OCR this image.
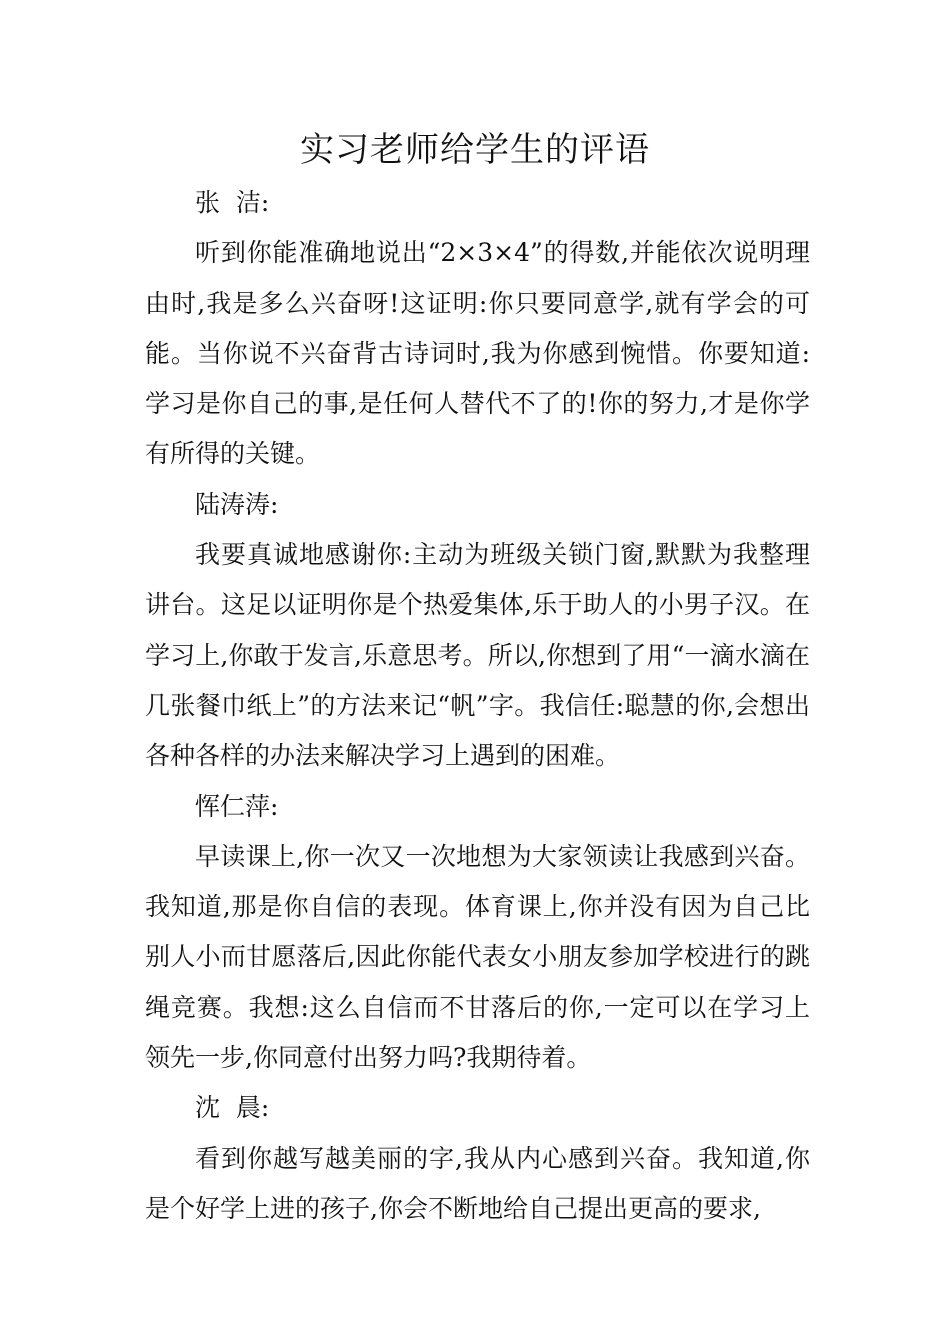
实习老师给学生的评语
张  洁:
听到你能准确地说出“2×3×4”的得数,并能依次说明理由时,我是多么兴奋呀!这证明:你只要同意学,就有学会的可能。当你说不兴奋背古诗词时,我为你感到惋惜。你要知道:学习是你自己的事,是任何人替代不了的!你的努力,才是你学有所得的关键。
陆涛涛:
我要真诚地感谢你:主动为班级关锁门窗,默默为我整理讲台。这足以证明你是个热爱集体,乐于助人的小男子汉。在学习上,你敢于发言,乐意思考。所以,你想到了用“一滴水滴在几张餐巾纸上”的方法来记“帆”字。我信任:聪慧的你,会想出各种各样的办法来解决学习上遇到的困难。
恽仁萍:
早读课上,你一次又一次地想为大家领读让我感到兴奋。我知道,那是你自信的表现。体育课上,你并没有因为自己比别人小而甘愿落后,因此你能代表女小朋友参加学校进行的跳绳竞赛。我想:这么自信而不甘落后的你,一定可以在学习上领先一步,你同意付出努力吗?我期待着。
沈  晨:
看到你越写越美丽的字,我从内心感到兴奋。我知道,你是个好学上进的孩子,你会不断地给自己提出更高的要求,
